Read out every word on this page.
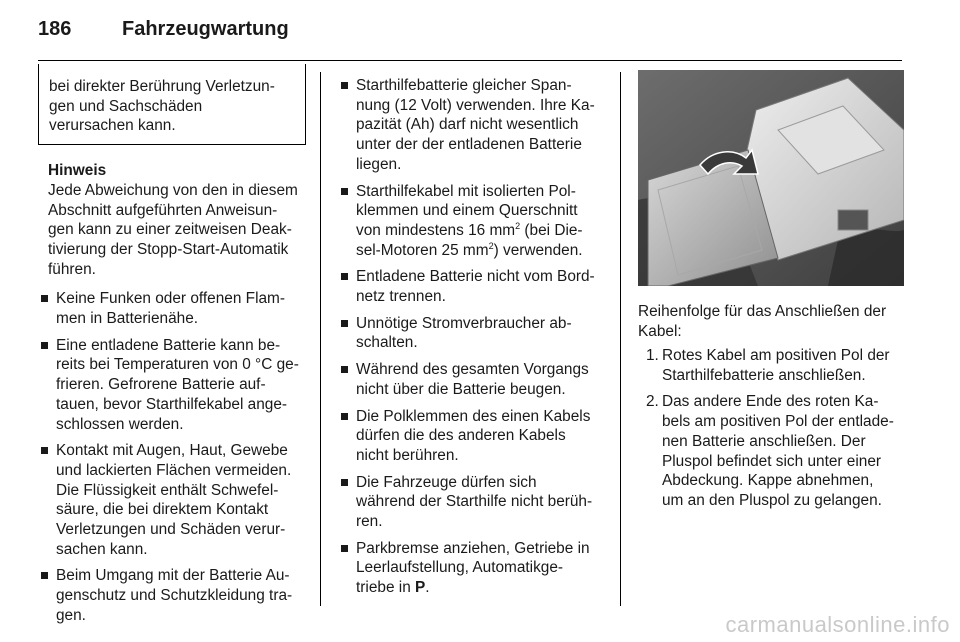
186	Fahrzeugwartung
bei direkter Berührung Verletzun-
gen und Sachschäden
verursachen kann.
Hinweis
Jede Abweichung von den in diesem
Abschnitt aufgeführten Anweisun-
gen kann zu einer zeitweisen Deak-
tivierung der Stopp-Start-Automatik
führen.
Keine Funken oder offenen Flam-
men in Batterienähe.
Eine entladene Batterie kann be-
reits bei Temperaturen von 0 °C ge-
frieren. Gefrorene Batterie auf-
tauen, bevor Starthilfekabel ange-
schlossen werden.
Kontakt mit Augen, Haut, Gewebe
und lackierten Flächen vermeiden.
Die Flüssigkeit enthält Schwefel-
säure, die bei direktem Kontakt
Verletzungen und Schäden verur-
sachen kann.
Beim Umgang mit der Batterie Au-
genschutz und Schutzkleidung tra-
gen.
Starthilfebatterie gleicher Span-
nung (12 Volt) verwenden. Ihre Ka-
pazität (Ah) darf nicht wesentlich
unter der der entladenen Batterie
liegen.
Starthilfekabel mit isolierten Pol-
klemmen und einem Querschnitt
von mindestens 16 $mm^2$ (bei Die-
sel-Motoren 25 $mm^2$) verwenden.
Entladene Batterie nicht vom Bord-
netz trennen.
Unnötige Stromverbraucher ab-
schalten.
Während des gesamten Vorgangs
nicht über die Batterie beugen.
Die Polklemmen des einen Kabels
dürfen die des anderen Kabels
nicht berühren.
Die Fahrzeuge dürfen sich
während der Starthilfe nicht berüh-
ren.
Parkbremse anziehen, Getriebe in
Leerlaufstellung, Automatikge-
triebe in P.
Reihenfolge für das Anschließen der
Kabel:
1. Rotes Kabel am positiven Pol der
Starthilfebatterie anschließen.
2. Das andere Ende des roten Ka-
bels am positiven Pol der entlade-
nen Batterie anschließen. Der
Pluspol befindet sich unter einer
Abdeckung. Kappe abnehmen,
um an den Pluspol zu gelangen.
carmanualsonline.info
